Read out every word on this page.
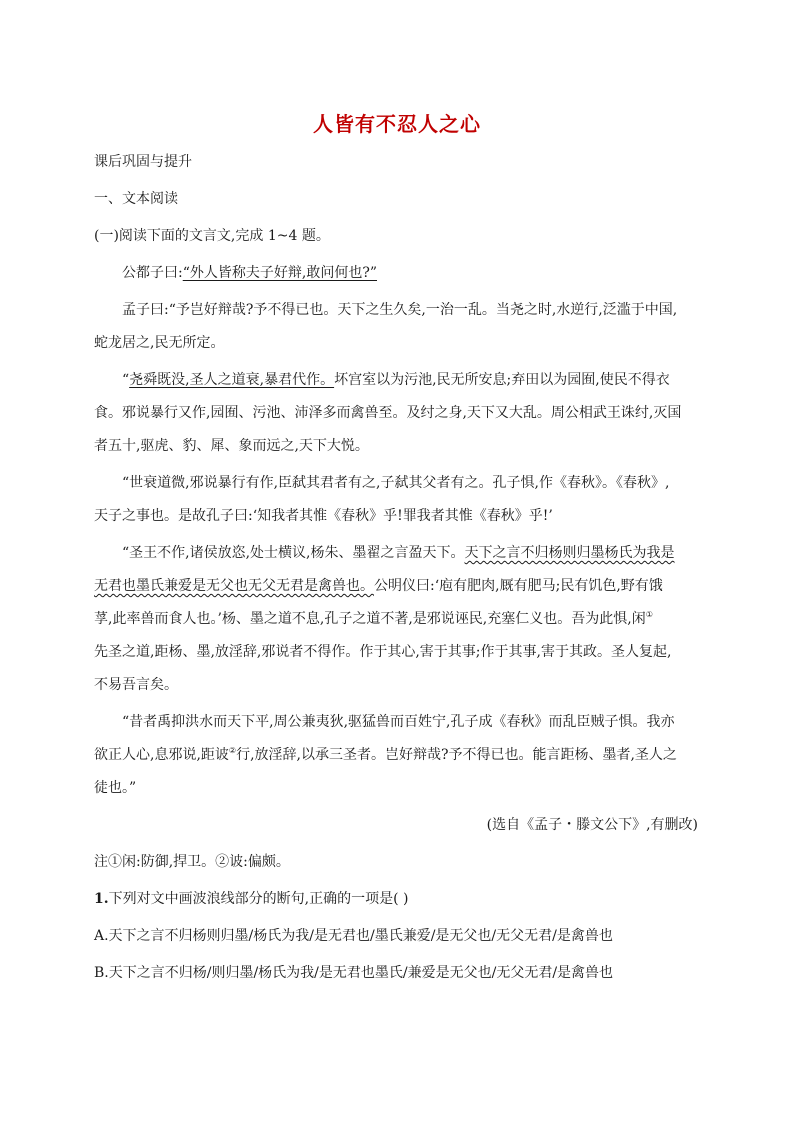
人皆有不忍人之心

课后巩固与提升

一、文本阅读

(一)阅读下面的文言文,完成 1~4 题。

公都子曰:“外人皆称夫子好辩,敢问何也?”

孟子曰:“予岂好辩哉?予不得已也。天下之生久矣,一治一乱。当尧之时,水逆行,泛滥于中国,

蛇龙居之,民无所定。

“尧舜既没,圣人之道衰,暴君代作。坏宫室以为污池,民无所安息;弃田以为园囿,使民不得衣

食。邪说暴行又作,园囿、污池、沛泽多而禽兽至。及纣之身,天下又大乱。周公相武王诛纣,灭国

者五十,驱虎、豹、犀、象而远之,天下大悦。

“世衰道微,邪说暴行有作,臣弑其君者有之,子弑其父者有之。孔子惧,作《春秋》。《春秋》,

天子之事也。是故孔子曰:‘知我者其惟《春秋》乎!罪我者其惟《春秋》乎!’

“圣王不作,诸侯放恣,处士横议,杨朱、墨翟之言盈天下。天下之言不归杨则归墨杨氏为我是

无君也墨氏兼爱是无父也无父无君是禽兽也。公明仪曰:‘庖有肥肉,厩有肥马;民有饥色,野有饿

莩,此率兽而食人也。’杨、墨之道不息,孔子之道不著,是邪说诬民,充塞仁义也。吾为此惧,闲①

先圣之道,距杨、墨,放淫辞,邪说者不得作。作于其心,害于其事;作于其事,害于其政。圣人复起,

不易吾言矣。

“昔者禹抑洪水而天下平,周公兼夷狄,驱猛兽而百姓宁,孔子成《春秋》而乱臣贼子惧。我亦

欲正人心,息邪说,距诐②行,放淫辞,以承三圣者。岂好辩哉?予不得已也。能言距杨、墨者,圣人之

徒也。”

(选自《孟子・滕文公下》,有删改)

注①闲:防御,捍卫。②诐:偏颇。

1.下列对文中画波浪线部分的断句,正确的一项是( )

A.天下之言不归杨则归墨/杨氏为我/是无君也/墨氏兼爱/是无父也/无父无君/是禽兽也

B.天下之言不归杨/则归墨/杨氏为我/是无君也墨氏/兼爱是无父也/无父无君/是禽兽也
